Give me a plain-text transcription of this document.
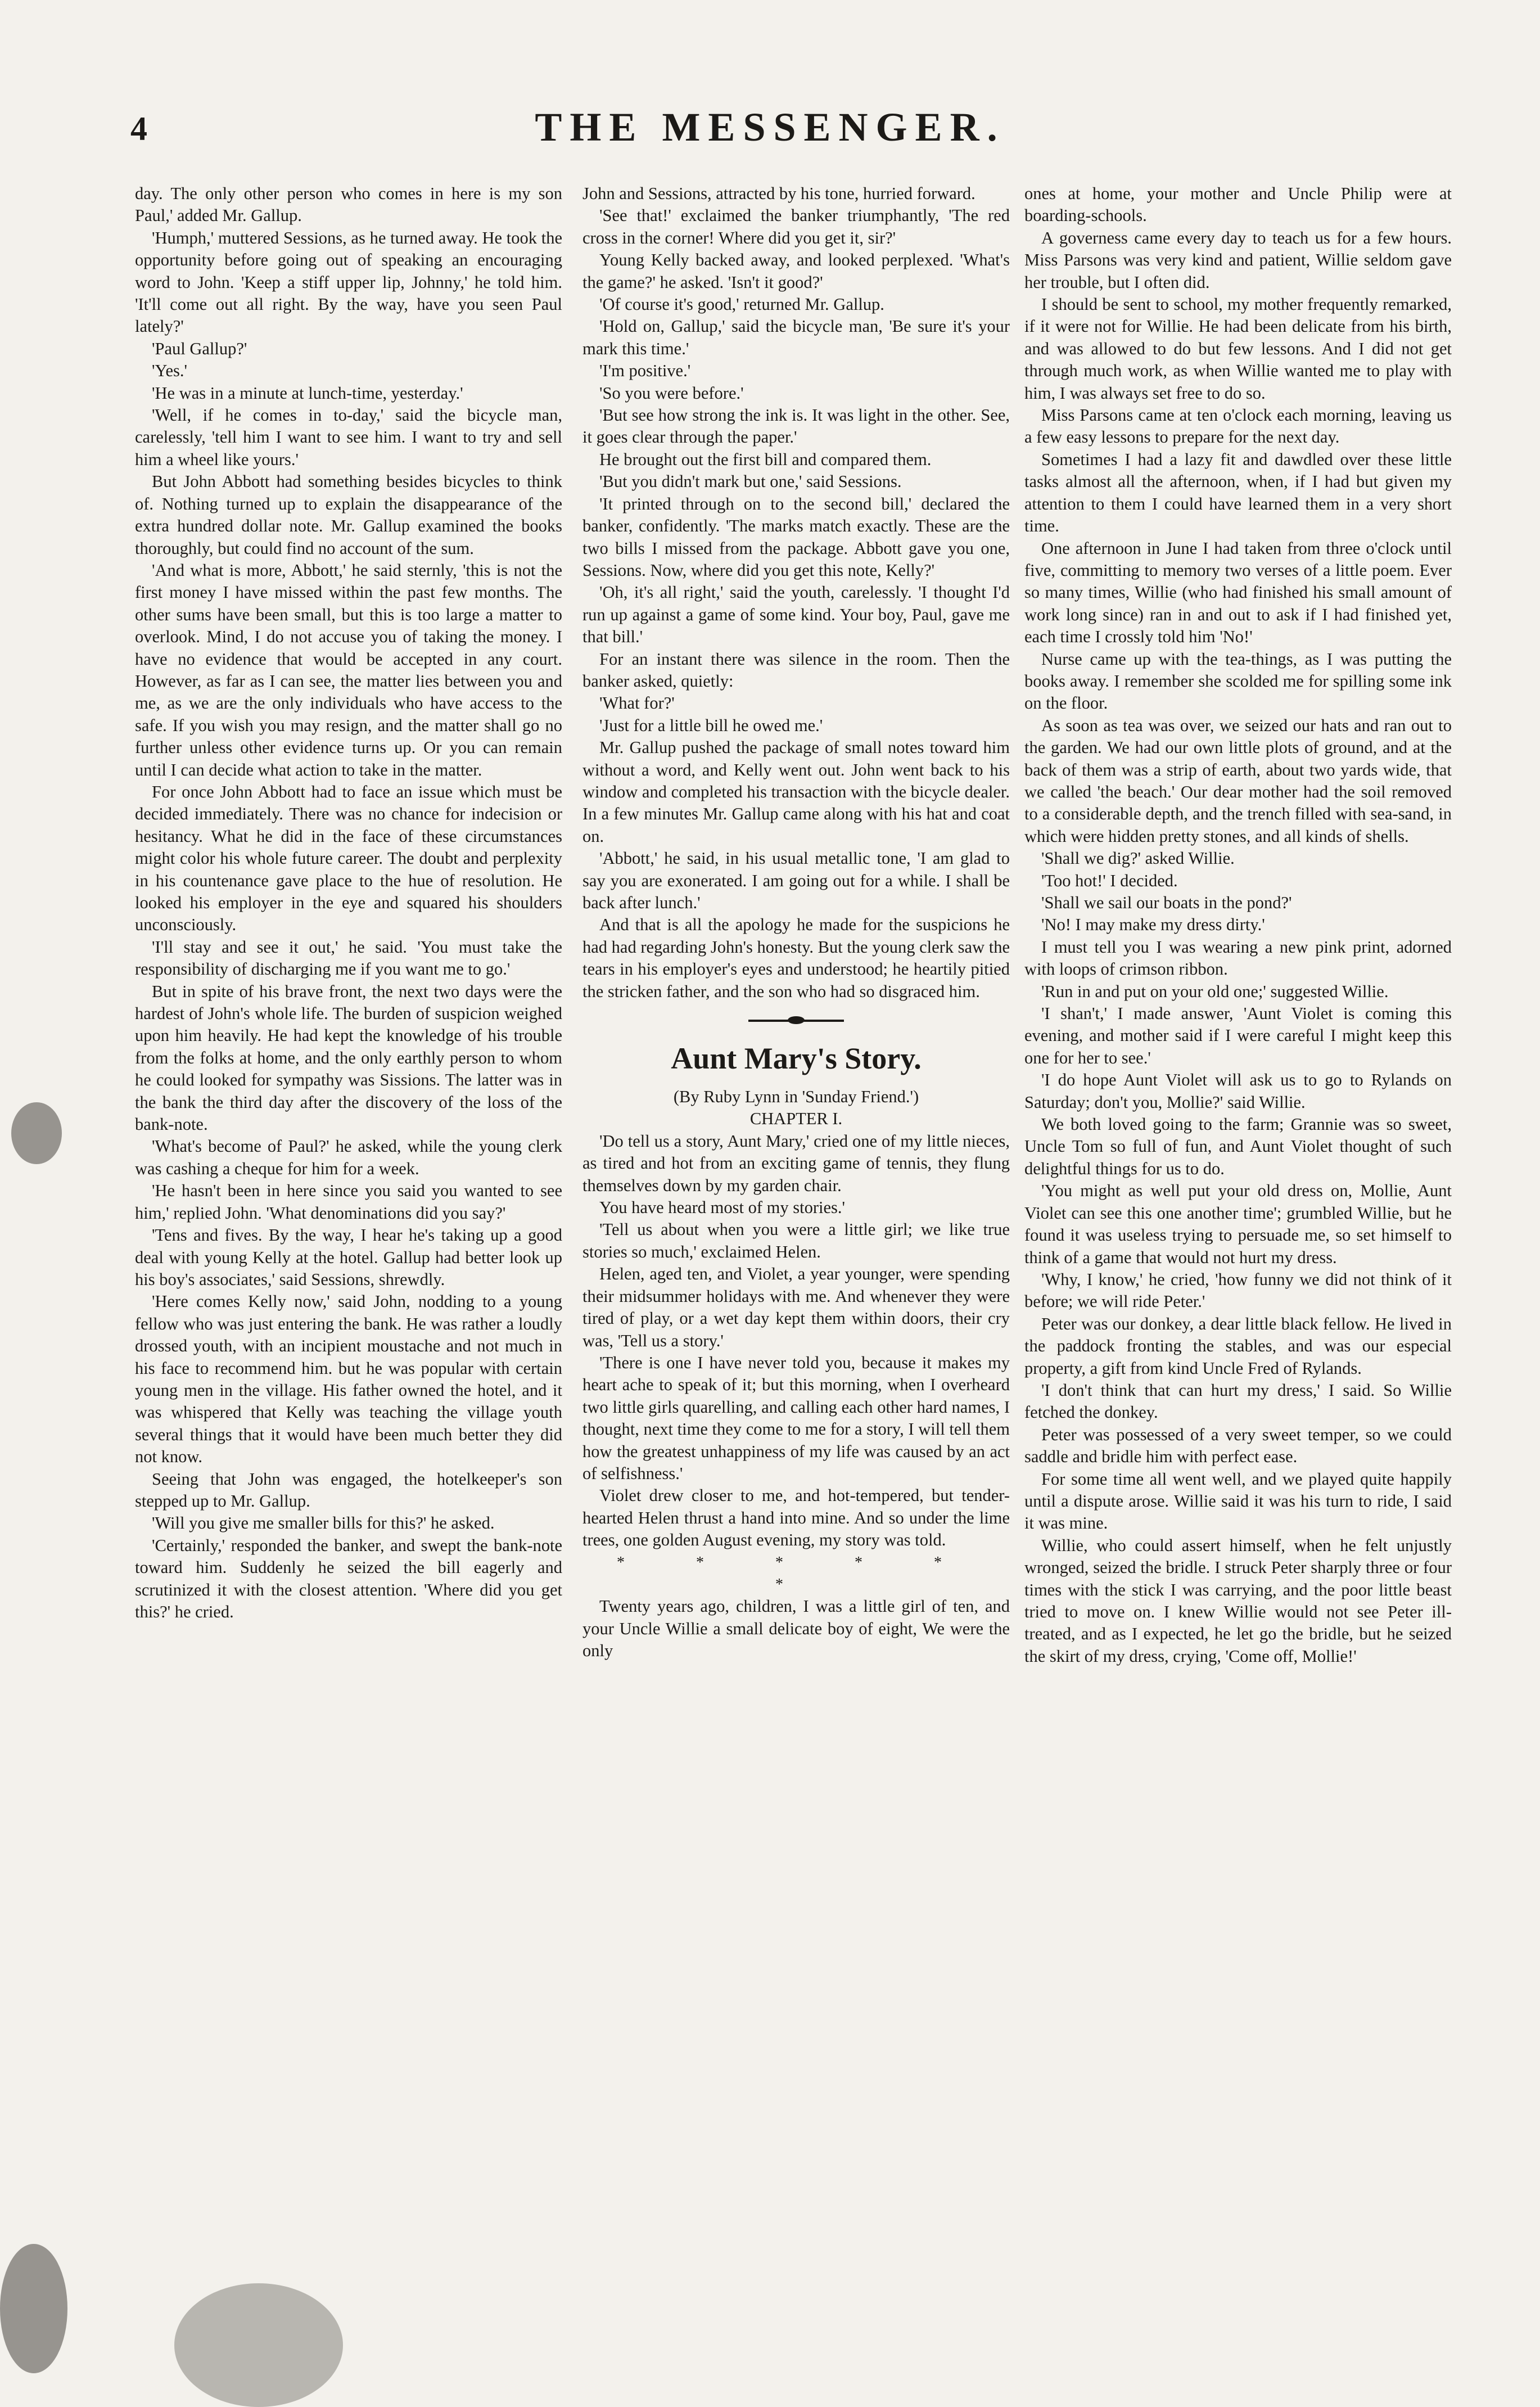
4	THE MESSENGER.

day. The only other person who comes in here is my son Paul,' added Mr. Gallup.

'Humph,' muttered Sessions, as he turned away. He took the opportunity before going out of speaking an encouraging word to John. 'Keep a stiff upper lip, Johnny,' he told him. 'It'll come out all right. By the way, have you seen Paul lately?'

'Paul Gallup?'

'Yes.'

'He was in a minute at lunch-time, yesterday.'

'Well, if he comes in to-day,' said the bicycle man, carelessly, 'tell him I want to see him. I want to try and sell him a wheel like yours.'

But John Abbott had something besides bicycles to think of. Nothing turned up to explain the disappearance of the extra hundred dollar note. Mr. Gallup examined the books thoroughly, but could find no account of the sum.

'And what is more, Abbott,' he said sternly, 'this is not the first money I have missed within the past few months. The other sums have been small, but this is too large a matter to overlook. Mind, I do not accuse you of taking the money. I have no evidence that would be accepted in any court. However, as far as I can see, the matter lies between you and me, as we are the only individuals who have access to the safe. If you wish you may resign, and the matter shall go no further unless other evidence turns up. Or you can remain until I can decide what action to take in the matter.

For once John Abbott had to face an issue which must be decided immediately. There was no chance for indecision or hesitancy. What he did in the face of these circumstances might color his whole future career. The doubt and perplexity in his countenance gave place to the hue of resolution. He looked his employer in the eye and squared his shoulders unconsciously.

'I'll stay and see it out,' he said. 'You must take the responsibility of discharging me if you want me to go.'

But in spite of his brave front, the next two days were the hardest of John's whole life. The burden of suspicion weighed upon him heavily. He had kept the knowledge of his trouble from the folks at home, and the only earthly person to whom he could looked for sympathy was Sissions. The latter was in the bank the third day after the discovery of the loss of the bank-note.

'What's become of Paul?' he asked, while the young clerk was cashing a cheque for him for a week.

'He hasn't been in here since you said you wanted to see him,' replied John. 'What denominations did you say?'

'Tens and fives. By the way, I hear he's taking up a good deal with young Kelly at the hotel. Gallup had better look up his boy's associates,' said Sessions, shrewdly.

'Here comes Kelly now,' said John, nodding to a young fellow who was just entering the bank. He was rather a loudly drossed youth, with an incipient moustache and not much in his face to recommend him. but he was popular with certain young men in the village. His father owned the hotel, and it was whispered that Kelly was teaching the village youth several things that it would have been much better they did not know.

Seeing that John was engaged, the hotelkeeper's son stepped up to Mr. Gallup.

'Will you give me smaller bills for this?' he asked.

'Certainly,' responded the banker, and swept the bank-note toward him. Suddenly he seized the bill eagerly and scrutinized it with the closest attention. 'Where did you get this?' he cried.

John and Sessions, attracted by his tone, hurried forward.

'See that!' exclaimed the banker triumphantly, 'The red cross in the corner! Where did you get it, sir?'

Young Kelly backed away, and looked perplexed. 'What's the game?' he asked. 'Isn't it good?'

'Of course it's good,' returned Mr. Gallup.

'Hold on, Gallup,' said the bicycle man, 'Be sure it's your mark this time.'

'I'm positive.'

'So you were before.'

'But see how strong the ink is. It was light in the other. See, it goes clear through the paper.'

He brought out the first bill and compared them.

'But you didn't mark but one,' said Sessions.

'It printed through on to the second bill,' declared the banker, confidently. 'The marks match exactly. These are the two bills I missed from the package. Abbott gave you one, Sessions. Now, where did you get this note, Kelly?'

'Oh, it's all right,' said the youth, carelessly. 'I thought I'd run up against a game of some kind. Your boy, Paul, gave me that bill.'

For an instant there was silence in the room. Then the banker asked, quietly:

'What for?'

'Just for a little bill he owed me.'

Mr. Gallup pushed the package of small notes toward him without a word, and Kelly went out. John went back to his window and completed his transaction with the bicycle dealer. In a few minutes Mr. Gallup came along with his hat and coat on.

'Abbott,' he said, in his usual metallic tone, 'I am glad to say you are exonerated. I am going out for a while. I shall be back after lunch.'

And that is all the apology he made for the suspicions he had had regarding John's honesty. But the young clerk saw the tears in his employer's eyes and understood; he heartily pitied the stricken father, and the son who had so disgraced him.

Aunt Mary's Story.

(By Ruby Lynn in 'Sunday Friend.')

CHAPTER I.

'Do tell us a story, Aunt Mary,' cried one of my little nieces, as tired and hot from an exciting game of tennis, they flung themselves down by my garden chair.

You have heard most of my stories.'

'Tell us about when you were a little girl; we like true stories so much,' exclaimed Helen.

Helen, aged ten, and Violet, a year younger, were spending their midsummer holidays with me. And whenever they were tired of play, or a wet day kept them within doors, their cry was, 'Tell us a story.'

'There is one I have never told you, because it makes my heart ache to speak of it; but this morning, when I overheard two little girls quarelling, and calling each other hard names, I thought, next time they come to me for a story, I will tell them how the greatest unhappiness of my life was caused by an act of selfishness.'

Violet drew closer to me, and hot-tempered, but tender-hearted Helen thrust a hand into mine. And so under the lime trees, one golden August evening, my story was told.

* * * * * *

Twenty years ago, children, I was a little girl of ten, and your Uncle Willie a small delicate boy of eight, We were the only

ones at home, your mother and Uncle Philip were at boarding-schools.

A governess came every day to teach us for a few hours. Miss Parsons was very kind and patient, Willie seldom gave her trouble, but I often did.

I should be sent to school, my mother frequently remarked, if it were not for Willie. He had been delicate from his birth, and was allowed to do but few lessons. And I did not get through much work, as when Willie wanted me to play with him, I was always set free to do so.

Miss Parsons came at ten o'clock each morning, leaving us a few easy lessons to prepare for the next day.

Sometimes I had a lazy fit and dawdled over these little tasks almost all the afternoon, when, if I had but given my attention to them I could have learned them in a very short time.

One afternoon in June I had taken from three o'clock until five, committing to memory two verses of a little poem. Ever so many times, Willie (who had finished his small amount of work long since) ran in and out to ask if I had finished yet, each time I crossly told him 'No!'

Nurse came up with the tea-things, as I was putting the books away. I remember she scolded me for spilling some ink on the floor.

As soon as tea was over, we seized our hats and ran out to the garden. We had our own little plots of ground, and at the back of them was a strip of earth, about two yards wide, that we called 'the beach.' Our dear mother had the soil removed to a considerable depth, and the trench filled with sea-sand, in which were hidden pretty stones, and all kinds of shells.

'Shall we dig?' asked Willie.

'Too hot!' I decided.

'Shall we sail our boats in the pond?'

'No! I may make my dress dirty.'

I must tell you I was wearing a new pink print, adorned with loops of crimson ribbon.

'Run in and put on your old one;' suggested Willie.

'I shan't,' I made answer, 'Aunt Violet is coming this evening, and mother said if I were careful I might keep this one for her to see.'

'I do hope Aunt Violet will ask us to go to Rylands on Saturday; don't you, Mollie?' said Willie.

We both loved going to the farm; Grannie was so sweet, Uncle Tom so full of fun, and Aunt Violet thought of such delightful things for us to do.

'You might as well put your old dress on, Mollie, Aunt Violet can see this one another time'; grumbled Willie, but he found it was useless trying to persuade me, so set himself to think of a game that would not hurt my dress.

'Why, I know,' he cried, 'how funny we did not think of it before; we will ride Peter.'

Peter was our donkey, a dear little black fellow. He lived in the paddock fronting the stables, and was our especial property, a gift from kind Uncle Fred of Rylands.

'I don't think that can hurt my dress,' I said. So Willie fetched the donkey.

Peter was possessed of a very sweet temper, so we could saddle and bridle him with perfect ease.

For some time all went well, and we played quite happily until a dispute arose. Willie said it was his turn to ride, I said it was mine.

Willie, who could assert himself, when he felt unjustly wronged, seized the bridle. I struck Peter sharply three or four times with the stick I was carrying, and the poor little beast tried to move on. I knew Willie would not see Peter ill-treated, and as I expected, he let go the bridle, but he seized the skirt of my dress, crying, 'Come off, Mollie!'
